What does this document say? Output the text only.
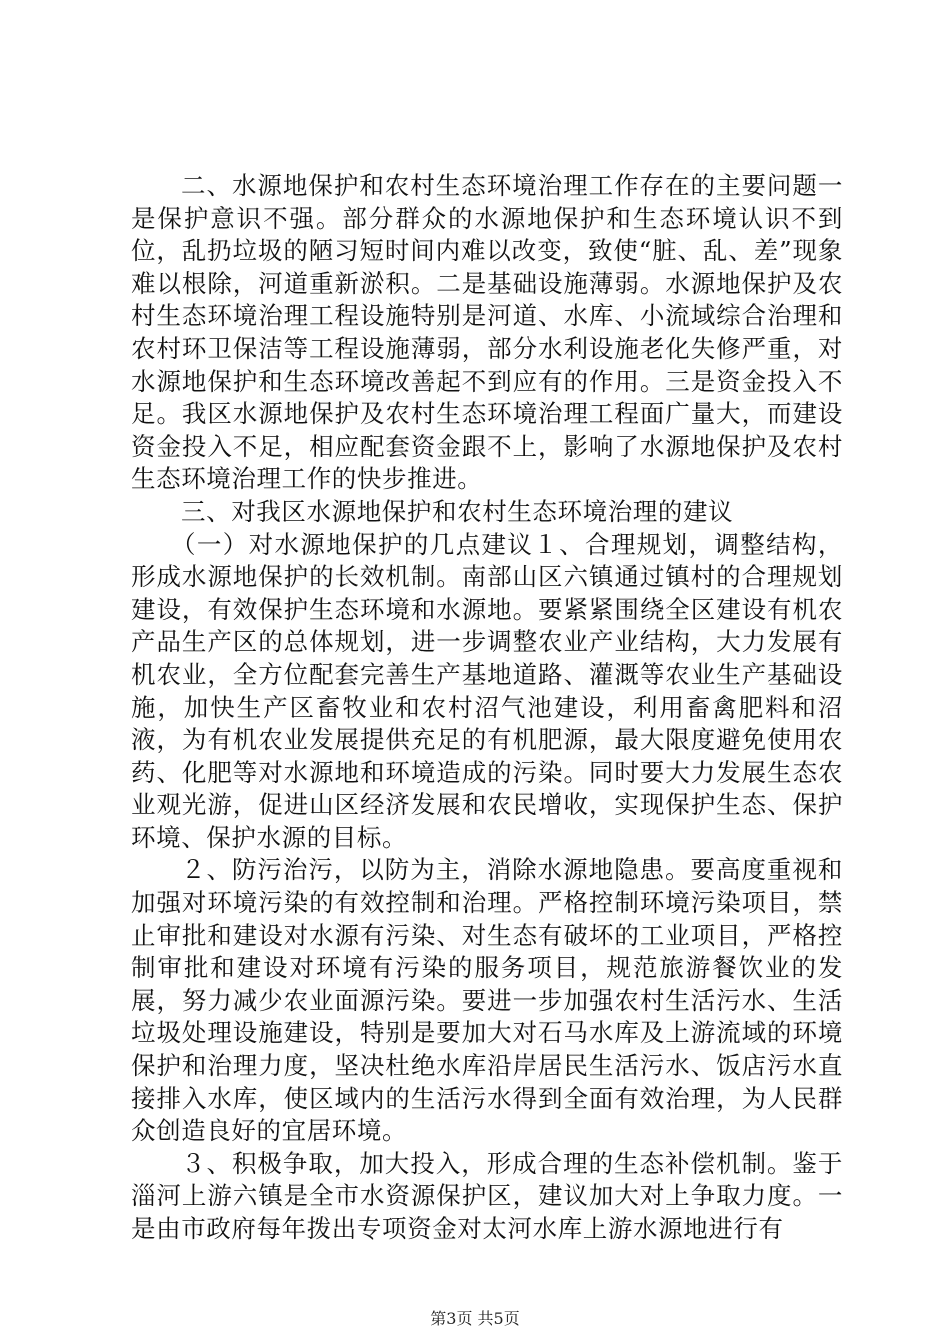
二、水源地保护和农村生态环境治理工作存在的主要问题一是保护意识不强。部分群众的水源地保护和生态环境认识不到位，乱扔垃圾的陋习短时间内难以改变，致使“脏、乱、差”现象难以根除，河道重新淤积。二是基础设施薄弱。水源地保护及农村生态环境治理工程设施特别是河道、水库、小流域综合治理和农村环卫保洁等工程设施薄弱，部分水利设施老化失修严重，对水源地保护和生态环境改善起不到应有的作用。三是资金投入不足。我区水源地保护及农村生态环境治理工程面广量大，而建设资金投入不足，相应配套资金跟不上，影响了水源地保护及农村生态环境治理工作的快步推进。

三、对我区水源地保护和农村生态环境治理的建议

（一）对水源地保护的几点建议１、合理规划，调整结构，形成水源地保护的长效机制。南部山区六镇通过镇村的合理规划建设，有效保护生态环境和水源地。要紧紧围绕全区建设有机农产品生产区的总体规划，进一步调整农业产业结构，大力发展有机农业，全方位配套完善生产基地道路、灌溉等农业生产基础设施，加快生产区畜牧业和农村沼气池建设，利用畜禽肥料和沼液，为有机农业发展提供充足的有机肥源，最大限度避免使用农药、化肥等对水源地和环境造成的污染。同时要大力发展生态农业观光游，促进山区经济发展和农民增收，实现保护生态、保护环境、保护水源的目标。

２、防污治污，以防为主，消除水源地隐患。要高度重视和加强对环境污染的有效控制和治理。严格控制环境污染项目，禁止审批和建设对水源有污染、对生态有破坏的工业项目，严格控制审批和建设对环境有污染的服务项目，规范旅游餐饮业的发展，努力减少农业面源污染。要进一步加强农村生活污水、生活垃圾处理设施建设，特别是要加大对石马水库及上游流域的环境保护和治理力度，坚决杜绝水库沿岸居民生活污水、饭店污水直接排入水库，使区域内的生活污水得到全面有效治理，为人民群众创造良好的宜居环境。

３、积极争取，加大投入，形成合理的生态补偿机制。鉴于淄河上游六镇是全市水资源保护区，建议加大对上争取力度。一是由市政府每年拨出专项资金对太河水库上游水源地进行有

第3页 共5页
